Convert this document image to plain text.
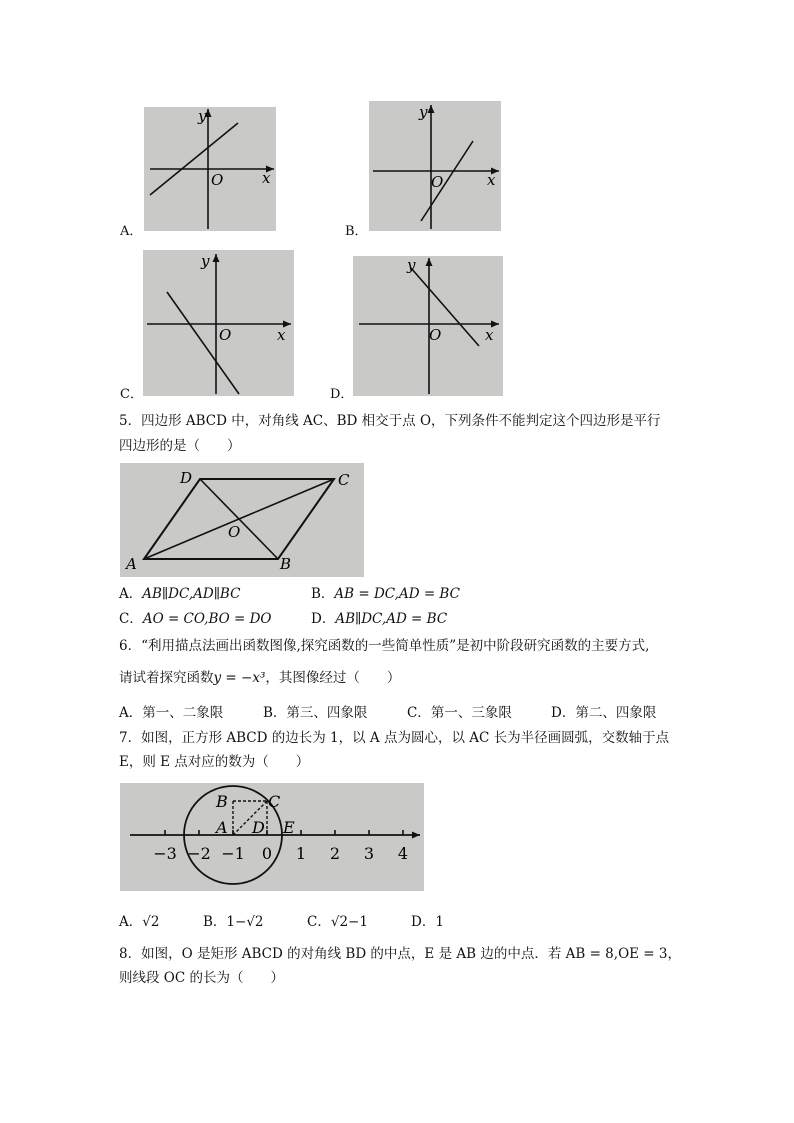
A．
y
x
O
B．
y
x
O
C．
y
x
O
D．
y
x
O
5．四边形 ABCD 中，对角线 AC、BD 相交于点 O，下列条件不能判定这个四边形是平行
四边形的是（　　）
A	B
C
D
O
A．AB∥DC,AD∥BC	B．AB = DC,AD = BC
C．AO = CO,BO = DO	D．AB∥DC,AD = BC
6．“利用描点法画出函数图像,探究函数的一些简单性质”是初中阶段研究函数的主要方式,
请试着探究函数y = −x³，其图像经过（　　）
A．第一、二象限	B．第三、四象限	C．第一、三象限	D．第二、四象限
7．如图，正方形 ABCD 的边长为 1，以 A 点为圆心，以 AC 长为半径画圆弧，交数轴于点
E，则 E 点对应的数为（　　）
B	C
A D E
−3 −2 −1 0 1 2 3 4
A．√2	B．1−√2	C．√2−1	D．1
8．如图，O 是矩形 ABCD 的对角线 BD 的中点，E 是 AB 边的中点．若 AB = 8,OE = 3，
则线段 OC 的长为（　　）
